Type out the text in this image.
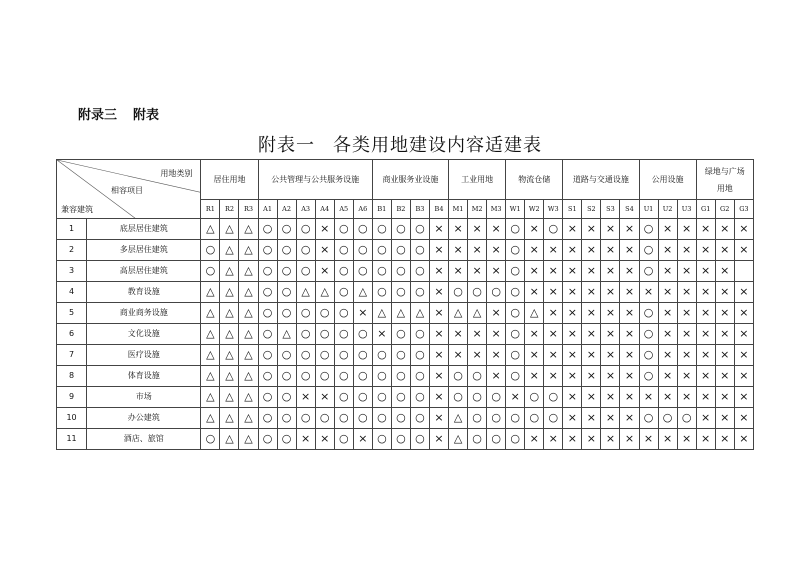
附录三 附表
附表一 各类用地建设内容适建表
用地类别
相容项目
兼容建筑		居住用地			公共管理与公共服务设施						商业服务业设施				工业用地			物流仓储			道路与交通设施				公用设施			绿地与广场用地		
		R1	R2	R3	A1	A2	A3	A4	A5	A6	B1	B2	B3	B4	M1	M2	M3	W1	W2	W3	S1	S2	S3	S4	U1	U2	U3	G1	G2	G3
1	底层居住建筑	△	△	△	○	○	○	×	○	○	○	○	○	×	×	×	×	○	×	○	×	×	×	×	○	×	×	×	×	×
2	多层居住建筑	○	△	△	○	○	○	×	○	○	○	○	○	×	×	×	×	○	×	×	×	×	×	×	○	×	×	×	×	×
3	高层居住建筑	○	△	△	○	○	○	×	○	○	○	○	○	×	×	×	×	○	×	×	×	×	×	×	○	×	×	×	×	
4	教育设施	△	△	△	○	○	△	△	○	△	○	○	○	×	○	○	○	○	×	×	×	×	×	×	×	×	×	×	×	×
5	商业商务设施	△	△	△	○	○	○	○	○	×	△	△	△	×	△	△	×	○	△	×	×	×	×	×	○	×	×	×	×	×
6	文化设施	△	△	△	○	△	○	○	○	○	×	○	○	×	×	×	×	○	×	×	×	×	×	×	○	×	×	×	×	×
7	医疗设施	△	△	△	○	○	○	○	○	○	○	○	○	×	×	×	×	○	×	×	×	×	×	×	○	×	×	×	×	×
8	体育设施	△	△	△	○	○	○	○	○	○	○	○	○	×	○	○	×	○	×	×	×	×	×	×	○	×	×	×	×	×
9	市场	△	△	△	○	○	×	×	○	○	○	○	○	×	○	○	○	×	○	○	×	×	×	×	×	×	×	×	×	×
10	办公建筑	△	△	△	○	○	○	○	○	○	○	○	○	×	△	○	○	○	○	○	×	×	×	×	○	○	○	×	×	×
11	酒店、旅馆	○	△	△	○	○	×	×	○	×	○	○	○	×	△	○	○	○	×	×	×	×	×	×	×	×	×	×	×	×
